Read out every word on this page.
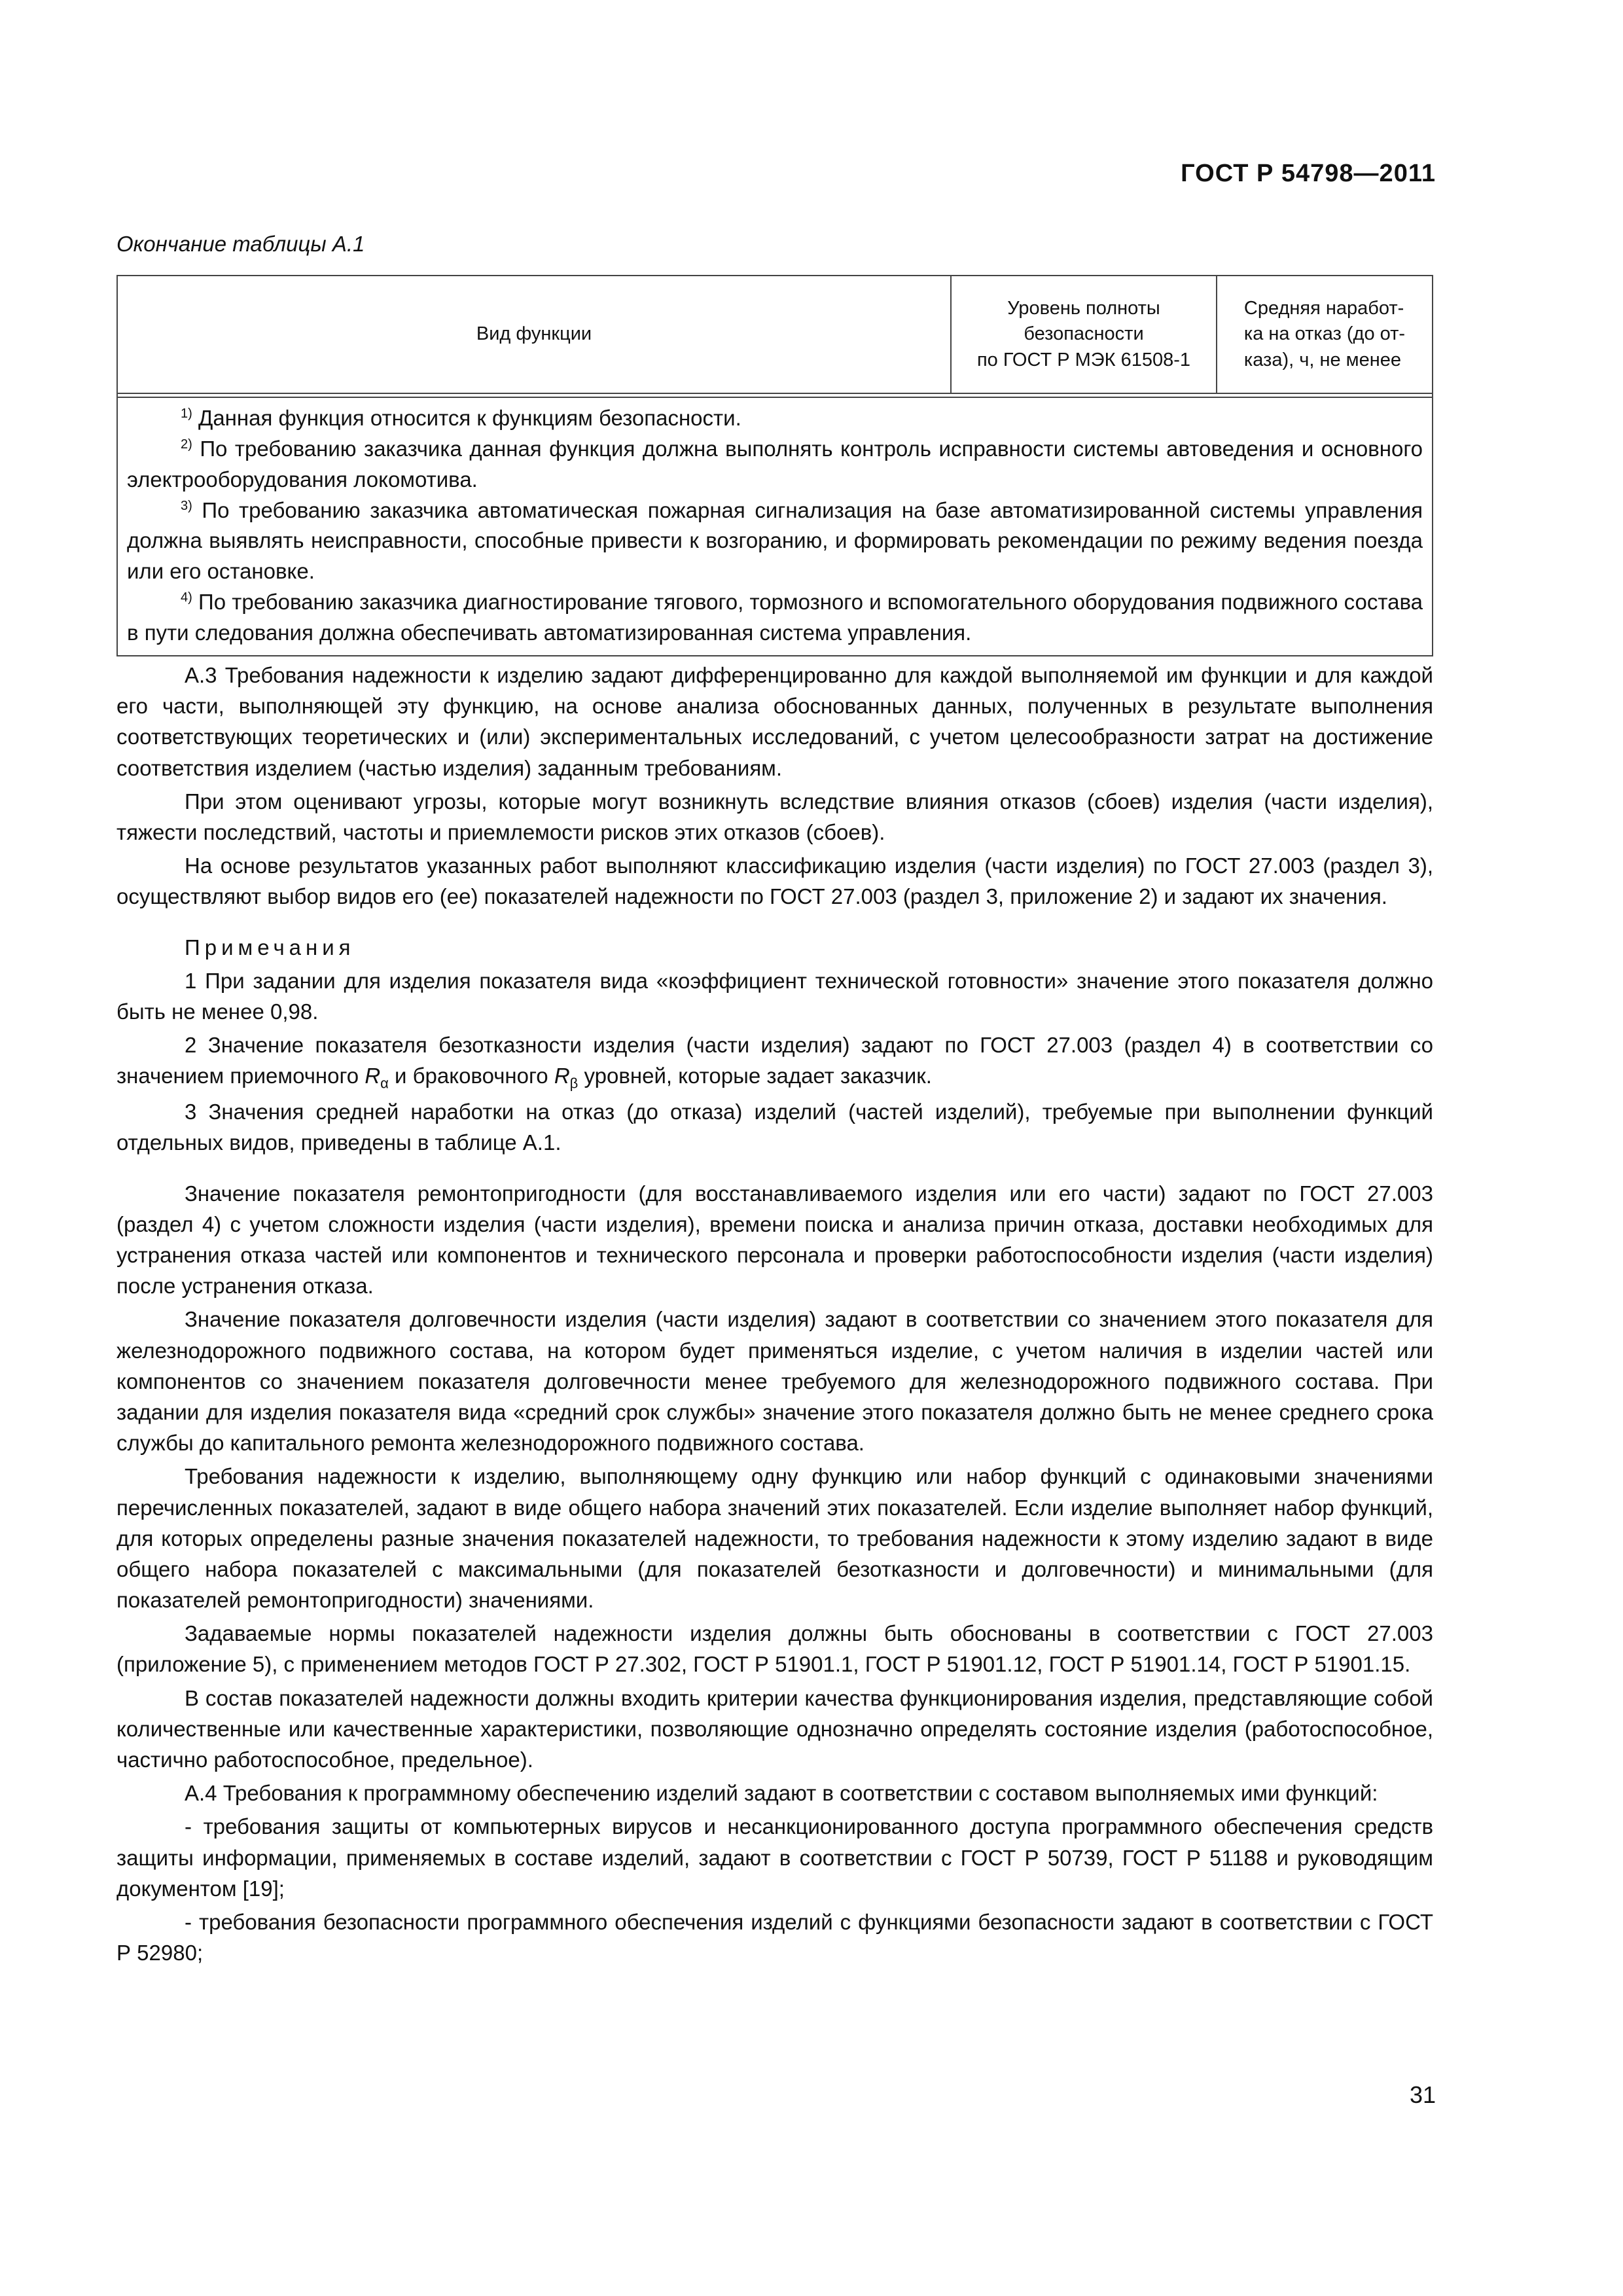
ГОСТ Р 54798—2011
Окончание таблицы А.1
Вид функции
Уровень полноты
безопасности
по ГОСТ Р МЭК 61508-1
Средняя наработ-
ка на отказ (до от-
каза), ч, не менее

$^{1)}$ Данная функция относится к функциям безопасности.

$^{2)}$ По требованию заказчика данная функция должна выполнять контроль исправности системы автоведения и основного электрооборудования локомотива.

$^{3)}$ По требованию заказчика автоматическая пожарная сигнализация на базе автоматизированной системы управления должна выявлять неисправности, способные привести к возгоранию, и формировать рекомендации по режиму ведения поезда или его остановке.

$^{4)}$ По требованию заказчика диагностирование тягового, тормозного и вспомогательного оборудования подвижного состава в пути следования должна обеспечивать автоматизированная система управления.

А.3 Требования надежности к изделию задают дифференцированно для каждой выполняемой им функции и для каждой его части, выполняющей эту функцию, на основе анализа обоснованных данных, полученных в результате выполнения соответствующих теоретических и (или) экспериментальных исследований, с учетом целесообразности затрат на достижение соответствия изделием (частью изделия) заданным требованиям.

При этом оценивают угрозы, которые могут возникнуть вследствие влияния отказов (сбоев) изделия (части изделия), тяжести последствий, частоты и приемлемости рисков этих отказов (сбоев).

На основе результатов указанных работ выполняют классификацию изделия (части изделия) по ГОСТ 27.003 (раздел 3), осуществляют выбор видов его (ее) показателей надежности по ГОСТ 27.003 (раздел 3, приложение 2) и задают их значения.

Примечания

1 При задании для изделия показателя вида «коэффициент технической готовности» значение этого показателя должно быть не менее 0,98.

2 Значение показателя безотказности изделия (части изделия) задают по ГОСТ 27.003 (раздел 4) в соответствии со значением приемочного $R_\alpha$ и браковочного $R_\beta$ уровней, которые задает заказчик.

3 Значения средней наработки на отказ (до отказа) изделий (частей изделий), требуемые при выполнении функций отдельных видов, приведены в таблице А.1.

Значение показателя ремонтопригодности (для восстанавливаемого изделия или его части) задают по ГОСТ 27.003 (раздел 4) с учетом сложности изделия (части изделия), времени поиска и анализа причин отказа, доставки необходимых для устранения отказа частей или компонентов и технического персонала и проверки работоспособности изделия (части изделия) после устранения отказа.

Значение показателя долговечности изделия (части изделия) задают в соответствии со значением этого показателя для железнодорожного подвижного состава, на котором будет применяться изделие, с учетом наличия в изделии частей или компонентов со значением показателя долговечности менее требуемого для железнодорожного подвижного состава. При задании для изделия показателя вида «средний срок службы» значение этого показателя должно быть не менее среднего срока службы до капитального ремонта железнодорожного подвижного состава.

Требования надежности к изделию, выполняющему одну функцию или набор функций с одинаковыми значениями перечисленных показателей, задают в виде общего набора значений этих показателей. Если изделие выполняет набор функций, для которых определены разные значения показателей надежности, то требования надежности к этому изделию задают в виде общего набора показателей с максимальными (для показателей безотказности и долговечности) и минимальными (для показателей ремонтопригодности) значениями.

Задаваемые нормы показателей надежности изделия должны быть обоснованы в соответствии с ГОСТ 27.003 (приложение 5), с применением методов ГОСТ Р 27.302, ГОСТ Р 51901.1, ГОСТ Р 51901.12, ГОСТ Р 51901.14, ГОСТ Р 51901.15.

В состав показателей надежности должны входить критерии качества функционирования изделия, представляющие собой количественные или качественные характеристики, позволяющие однозначно определять состояние изделия (работоспособное, частично работоспособное, предельное).

А.4 Требования к программному обеспечению изделий задают в соответствии с составом выполняемых ими функций:

- требования защиты от компьютерных вирусов и несанкционированного доступа программного обеспечения средств защиты информации, применяемых в составе изделий, задают в соответствии с ГОСТ Р 50739, ГОСТ Р 51188 и руководящим документом [19];

- требования безопасности программного обеспечения изделий с функциями безопасности задают в соответствии с ГОСТ Р 52980;

31
